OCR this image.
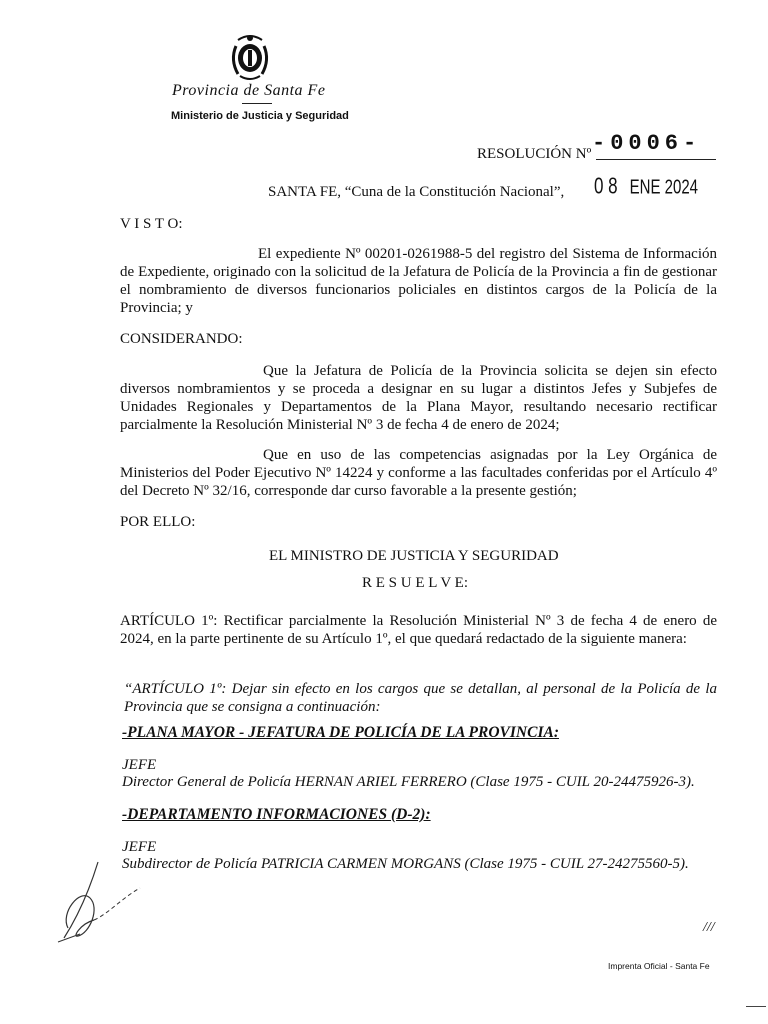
Provincia de Santa Fe
Ministerio de Justicia y Seguridad
RESOLUCIÓN Nº -0006-
SANTA FE, “Cuna de la Constitución Nacional”, 0 8 ENE 2024
V I S T O:
El expediente Nº 00201-0261988-5 del registro del Sistema de Información de Expediente, originado con la solicitud de la Jefatura de Policía de la Provincia a fin de gestionar el nombramiento de diversos funcionarios policiales en distintos cargos de la Policía de la Provincia; y
CONSIDERANDO:
Que la Jefatura de Policía de la Provincia solicita se dejen sin efecto diversos nombramientos y se proceda a designar en su lugar a distintos Jefes y Subjefes de Unidades Regionales y Departamentos de la Plana Mayor, resultando necesario rectificar parcialmente la Resolución Ministerial Nº 3 de fecha 4 de enero de 2024;
Que en uso de las competencias asignadas por la Ley Orgánica de Ministerios del Poder Ejecutivo Nº 14224 y conforme a las facultades conferidas por el Artículo 4º del Decreto Nº 32/16, corresponde dar curso favorable a la presente gestión;
POR ELLO:
EL MINISTRO DE JUSTICIA Y SEGURIDAD
R E S U E L V E:
ARTÍCULO 1º: Rectificar parcialmente la Resolución Ministerial Nº 3 de fecha 4 de enero de 2024, en la parte pertinente de su Artículo 1º, el que quedará redactado de la siguiente manera:
“ARTÍCULO 1º: Dejar sin efecto en los cargos que se detallan, al personal de la Policía de la Provincia que se consigna a continuación:
-PLANA MAYOR - JEFATURA DE POLICÍA DE LA PROVINCIA:
JEFE
Director General de Policía HERNAN ARIEL FERRERO (Clase 1975 - CUIL 20-24475926-3).
-DEPARTAMENTO INFORMACIONES (D-2):
JEFE
Subdirector de Policía PATRICIA CARMEN MORGANS (Clase 1975 - CUIL 27-24275560-5).
///
Imprenta Oficial - Santa Fe
